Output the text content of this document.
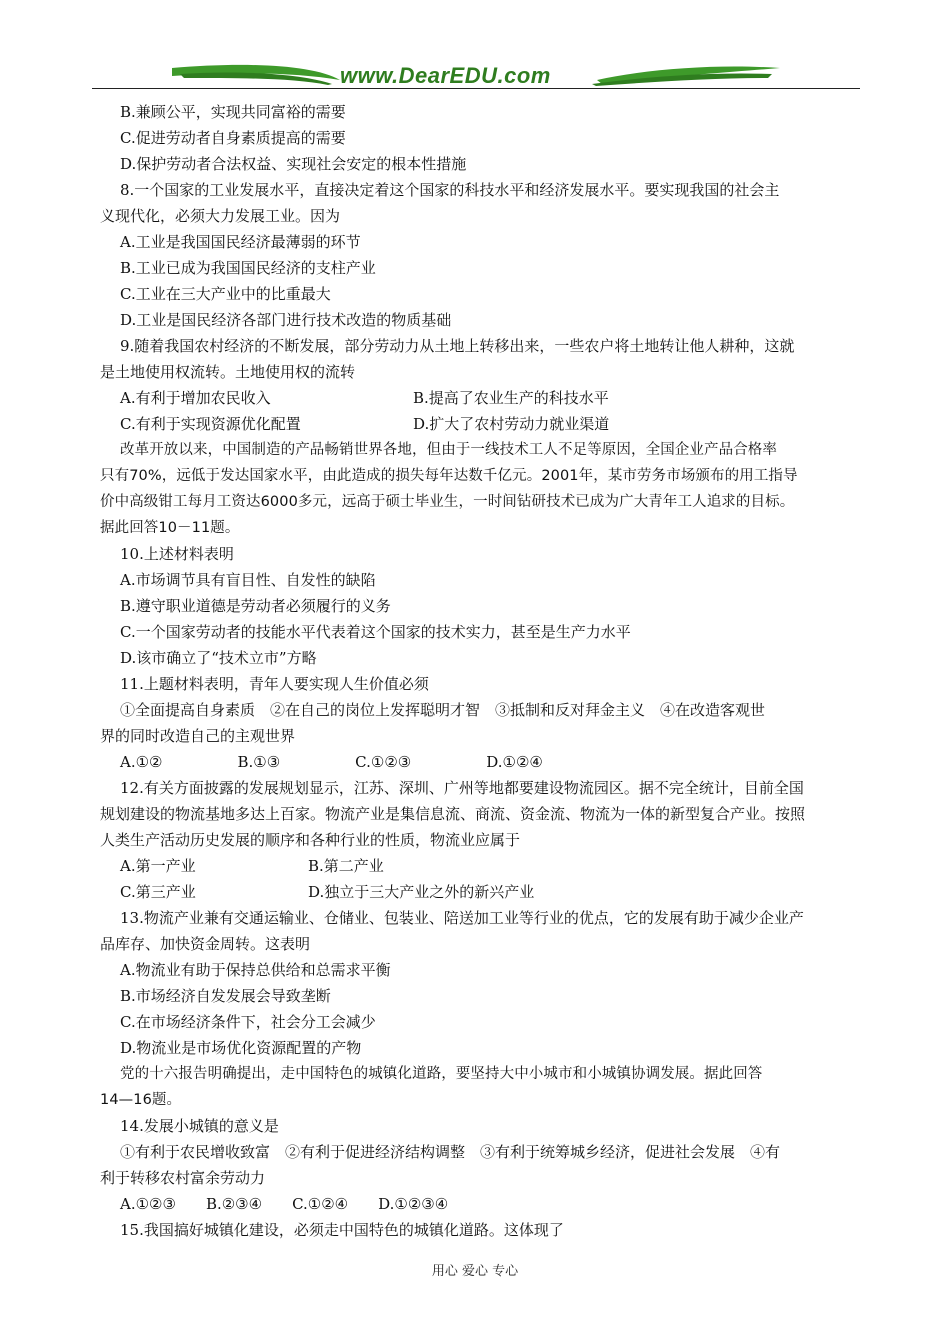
www.DearEDU.com
B.兼顾公平，实现共同富裕的需要
C.促进劳动者自身素质提高的需要
D.保护劳动者合法权益、实现社会安定的根本性措施
8.一个国家的工业发展水平，直接决定着这个国家的科技水平和经济发展水平。要实现我国的社会主
义现代化，必须大力发展工业。因为
A.工业是我国国民经济最薄弱的环节
B.工业已成为我国国民经济的支柱产业
C.工业在三大产业中的比重最大
D.工业是国民经济各部门进行技术改造的物质基础
9.随着我国农村经济的不断发展，部分劳动力从土地上转移出来，一些农户将土地转让他人耕种，这就
是土地使用权流转。土地使用权的流转
A.有利于增加农民收入	B.提高了农业生产的科技水平
C.有利于实现资源优化配置	D.扩大了农村劳动力就业渠道
改革开放以来，中国制造的产品畅销世界各地，但由于一线技术工人不足等原因，全国企业产品合格率
只有70%，远低于发达国家水平，由此造成的损失每年达数千亿元。2001年，某市劳务市场颁布的用工指导
价中高级钳工每月工资达6000多元，远高于硕士毕业生，一时间钻研技术已成为广大青年工人追求的目标。
据此回答10－11题。
10.上述材料表明
A.市场调节具有盲目性、自发性的缺陷
B.遵守职业道德是劳动者必须履行的义务
C.一个国家劳动者的技能水平代表着这个国家的技术实力，甚至是生产力水平
D.该市确立了“技术立市”方略
11.上题材料表明，青年人要实现人生价值必须
①全面提高自身素质　②在自己的岗位上发挥聪明才智　③抵制和反对拜金主义　④在改造客观世
界的同时改造自己的主观世界
A.①②　　　　　B.①③　　　　　C.①②③　　　　　D.①②④
12.有关方面披露的发展规划显示，江苏、深圳、广州等地都要建设物流园区。据不完全统计，目前全国
规划建设的物流基地多达上百家。物流产业是集信息流、商流、资金流、物流为一体的新型复合产业。按照
人类生产活动历史发展的顺序和各种行业的性质，物流业应属于
A.第一产业	B.第二产业
C.第三产业	D.独立于三大产业之外的新兴产业
13.物流产业兼有交通运输业、仓储业、包装业、陪送加工业等行业的优点，它的发展有助于减少企业产
品库存、加快资金周转。这表明
A.物流业有助于保持总供给和总需求平衡
B.市场经济自发发展会导致垄断
C.在市场经济条件下，社会分工会减少
D.物流业是市场优化资源配置的产物
党的十六报告明确提出，走中国特色的城镇化道路，要坚持大中小城市和小城镇协调发展。据此回答
14—16题。
14.发展小城镇的意义是
①有利于农民增收致富　②有利于促进经济结构调整　③有利于统筹城乡经济，促进社会发展　④有
利于转移农村富余劳动力
A.①②③　　B.②③④　　C.①②④　　D.①②③④
15.我国搞好城镇化建设，必须走中国特色的城镇化道路。这体现了
用心 爱心 专心
